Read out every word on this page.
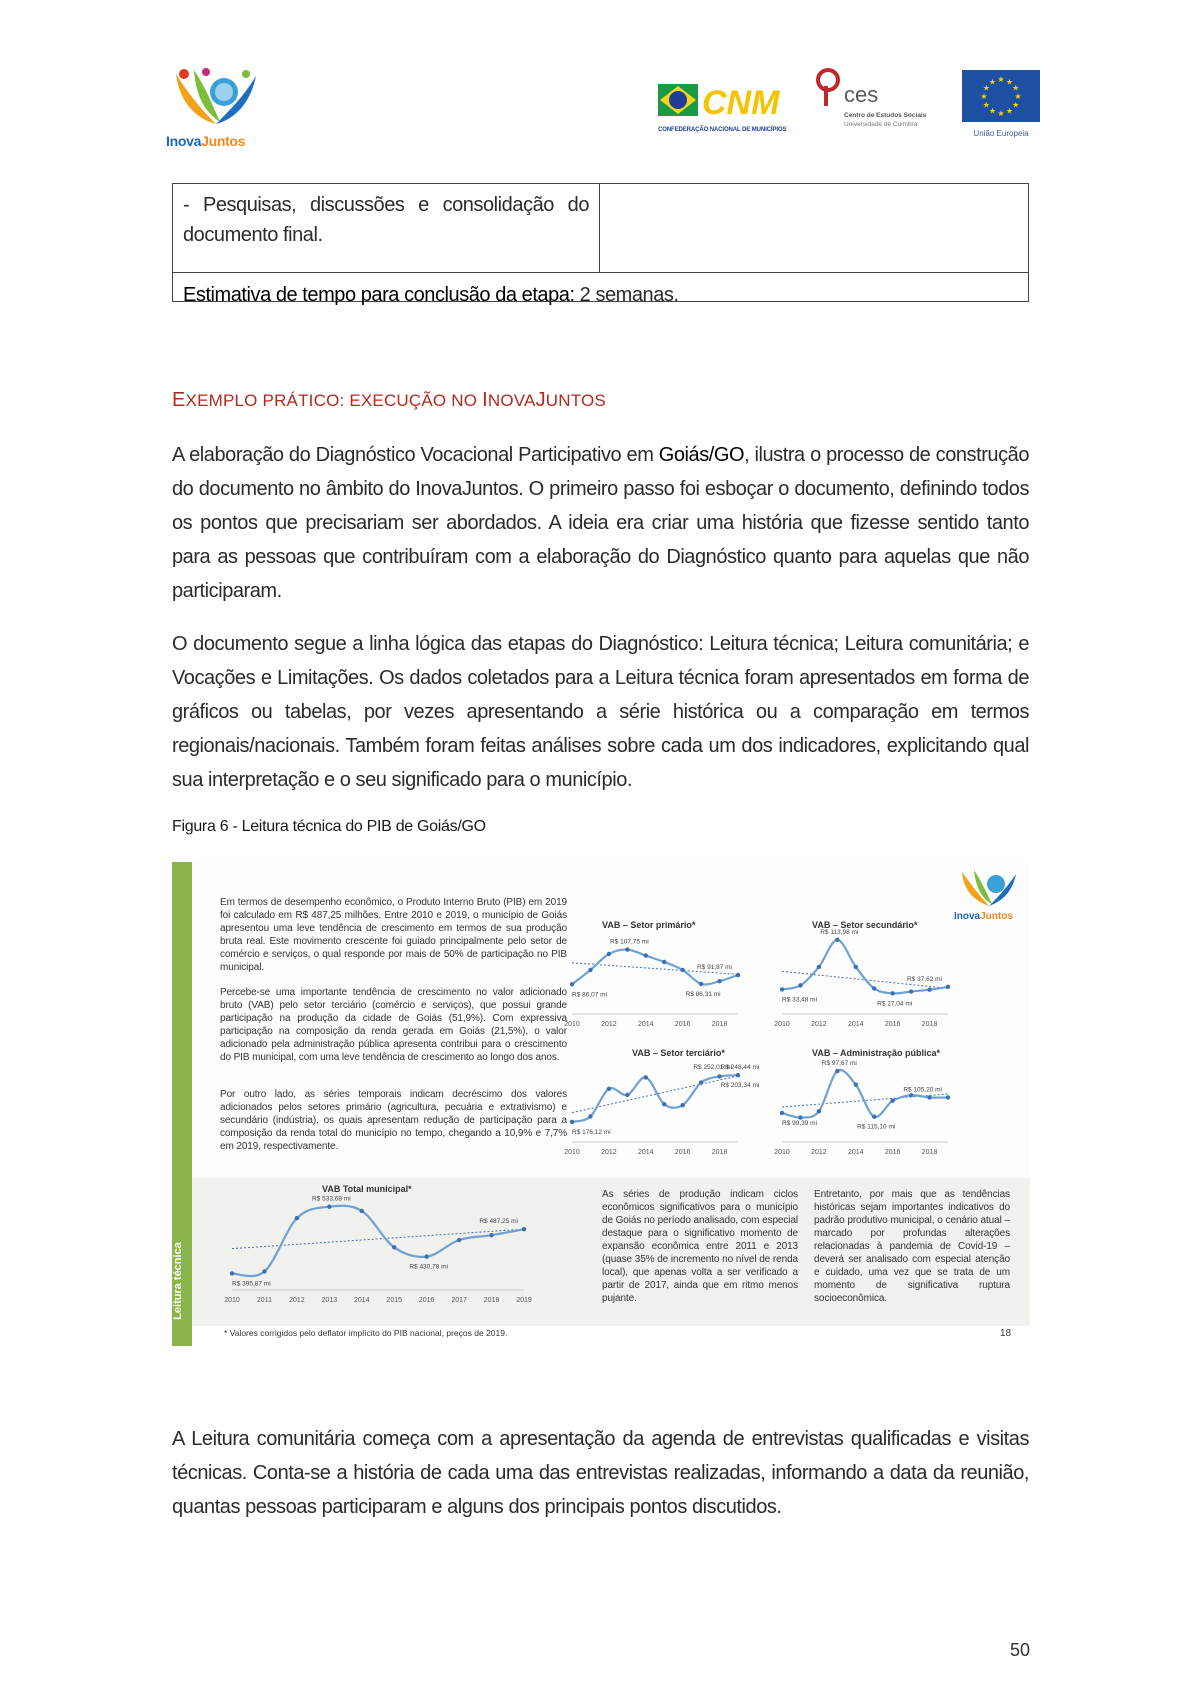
InovaJuntos
CNM
CONFEDERAÇÃO NACIONAL DE MUNICÍPIOS
ces
Centro de Estudos Sociais
Universidade de Coimbra
★
★
★
★
★
★
★
★
★ ★ ★
★
União Europeia
- Pesquisas, discussões e consolidação do documento final.
Estimativa de tempo para conclusão da etapa: 2 semanas.
EXEMPLO PRÁTICO: EXECUÇÃO NO INOVAJUNTOS
A elaboração do Diagnóstico Vocacional Participativo em Goiás/GO, ilustra o processo de construção do documento no âmbito do InovaJuntos. O primeiro passo foi esboçar o documento, definindo todos os pontos que precisariam ser abordados. A ideia era criar uma história que fizesse sentido tanto para as pessoas que contribuíram com a elaboração do Diagnóstico quanto para aquelas que não participaram.
O documento segue a linha lógica das etapas do Diagnóstico: Leitura técnica; Leitura comunitária; e Vocações e Limitações. Os dados coletados para a Leitura técnica foram apresentados em forma de gráficos ou tabelas, por vezes apresentando a série histórica ou a comparação em termos regionais/nacionais. Também foram feitas análises sobre cada um dos indicadores, explicitando qual sua interpretação e o seu significado para o município.
Figura 6 - Leitura técnica do PIB de Goiás/GO
Leitura técnica
InovaJuntos
Em termos de desempenho econômico, o Produto Interno Bruto (PIB) em 2019 foi calculado em R$ 487,25 milhões. Entre 2010 e 2019, o município de Goiás apresentou uma leve tendência de crescimento em termos de sua produção bruta real. Este movimento crescente foi guiado principalmente pelo setor de comércio e serviços, o qual responde por mais de 50% de participação no PIB municipal.
Percebe-se uma importante tendência de crescimento no valor adicionado bruto (VAB) pelo setor terciário (comércio e serviços), que possui grande participação na produção da cidade de Goiás (51,9%). Com expressiva participação na composição da renda gerada em Goiás (21,5%), o valor adicionado pela administração pública apresenta contribui para o crescimento do PIB municipal, com uma leve tendência de crescimento ao longo dos anos.
Por outro lado, as séries temporais indicam decréscimo dos valores adicionados pelos setores primário (agricultura, pecuária e extrativismo) e secundário (indústria), os quais apresentam redução de participação para a composição da renda total do município no tempo, chegando a 10,9% e 7,7% em 2019, respectivamente.
As séries de produção indicam ciclos econômicos significativos para o município de Goiás no período analisado, com especial destaque para o significativo momento de expansão econômica entre 2011 e 2013 (quase 35% de incremento no nível de renda local), que apenas volta a ser verificado a partir de 2017, ainda que em ritmo menos pujante.
Entretanto, por mais que as tendências históricas sejam importantes indicativos do padrão produtivo municipal, o cenário atual – marcado por profundas alterações relacionadas à pandemia de Covid-19 – deverá ser analisado com especial atenção e cuidado, uma vez que se trata de um momento de significativa ruptura socioeconômica.
VAB – Setor primário*
2010	2012	2014	2016	2018
R$ 86,07 mi
R$ 107,75 mi
R$ 86,31 mi
R$ 91,87 mi
VAB – Setor secundário*
2010	2012	2014	2016	2018
R$ 33,48 mi
R$ 113,98 mi
R$ 27,04 mi
R$ 37,62 mi
VAB – Setor terciário*
2010	2012	2014	2016	2018
R$ 176,12 mi
R$ 248,44 mi
R$ 203,34 mi
R$ 252,01 mi
VAB – Administração pública*
2010	2012	2014	2016	2018
R$ 99,39 mi
R$ 97,67 mi
R$ 115,10 mi
R$ 105,20 mi
VAB Total municipal*
2010 2011 2012 2013 2014 2015 2016 2017 2018 2019
R$ 395,87 mi
R$ 533,68 mi
R$ 430,78 mi
R$ 487,25 mi
* Valores corrigidos pelo deflator implícito do PIB nacional, preços de 2019.	18
A Leitura comunitária começa com a apresentação da agenda de entrevistas qualificadas e visitas técnicas. Conta-se a história de cada uma das entrevistas realizadas, informando a data da reunião, quantas pessoas participaram e alguns dos principais pontos discutidos.
50
